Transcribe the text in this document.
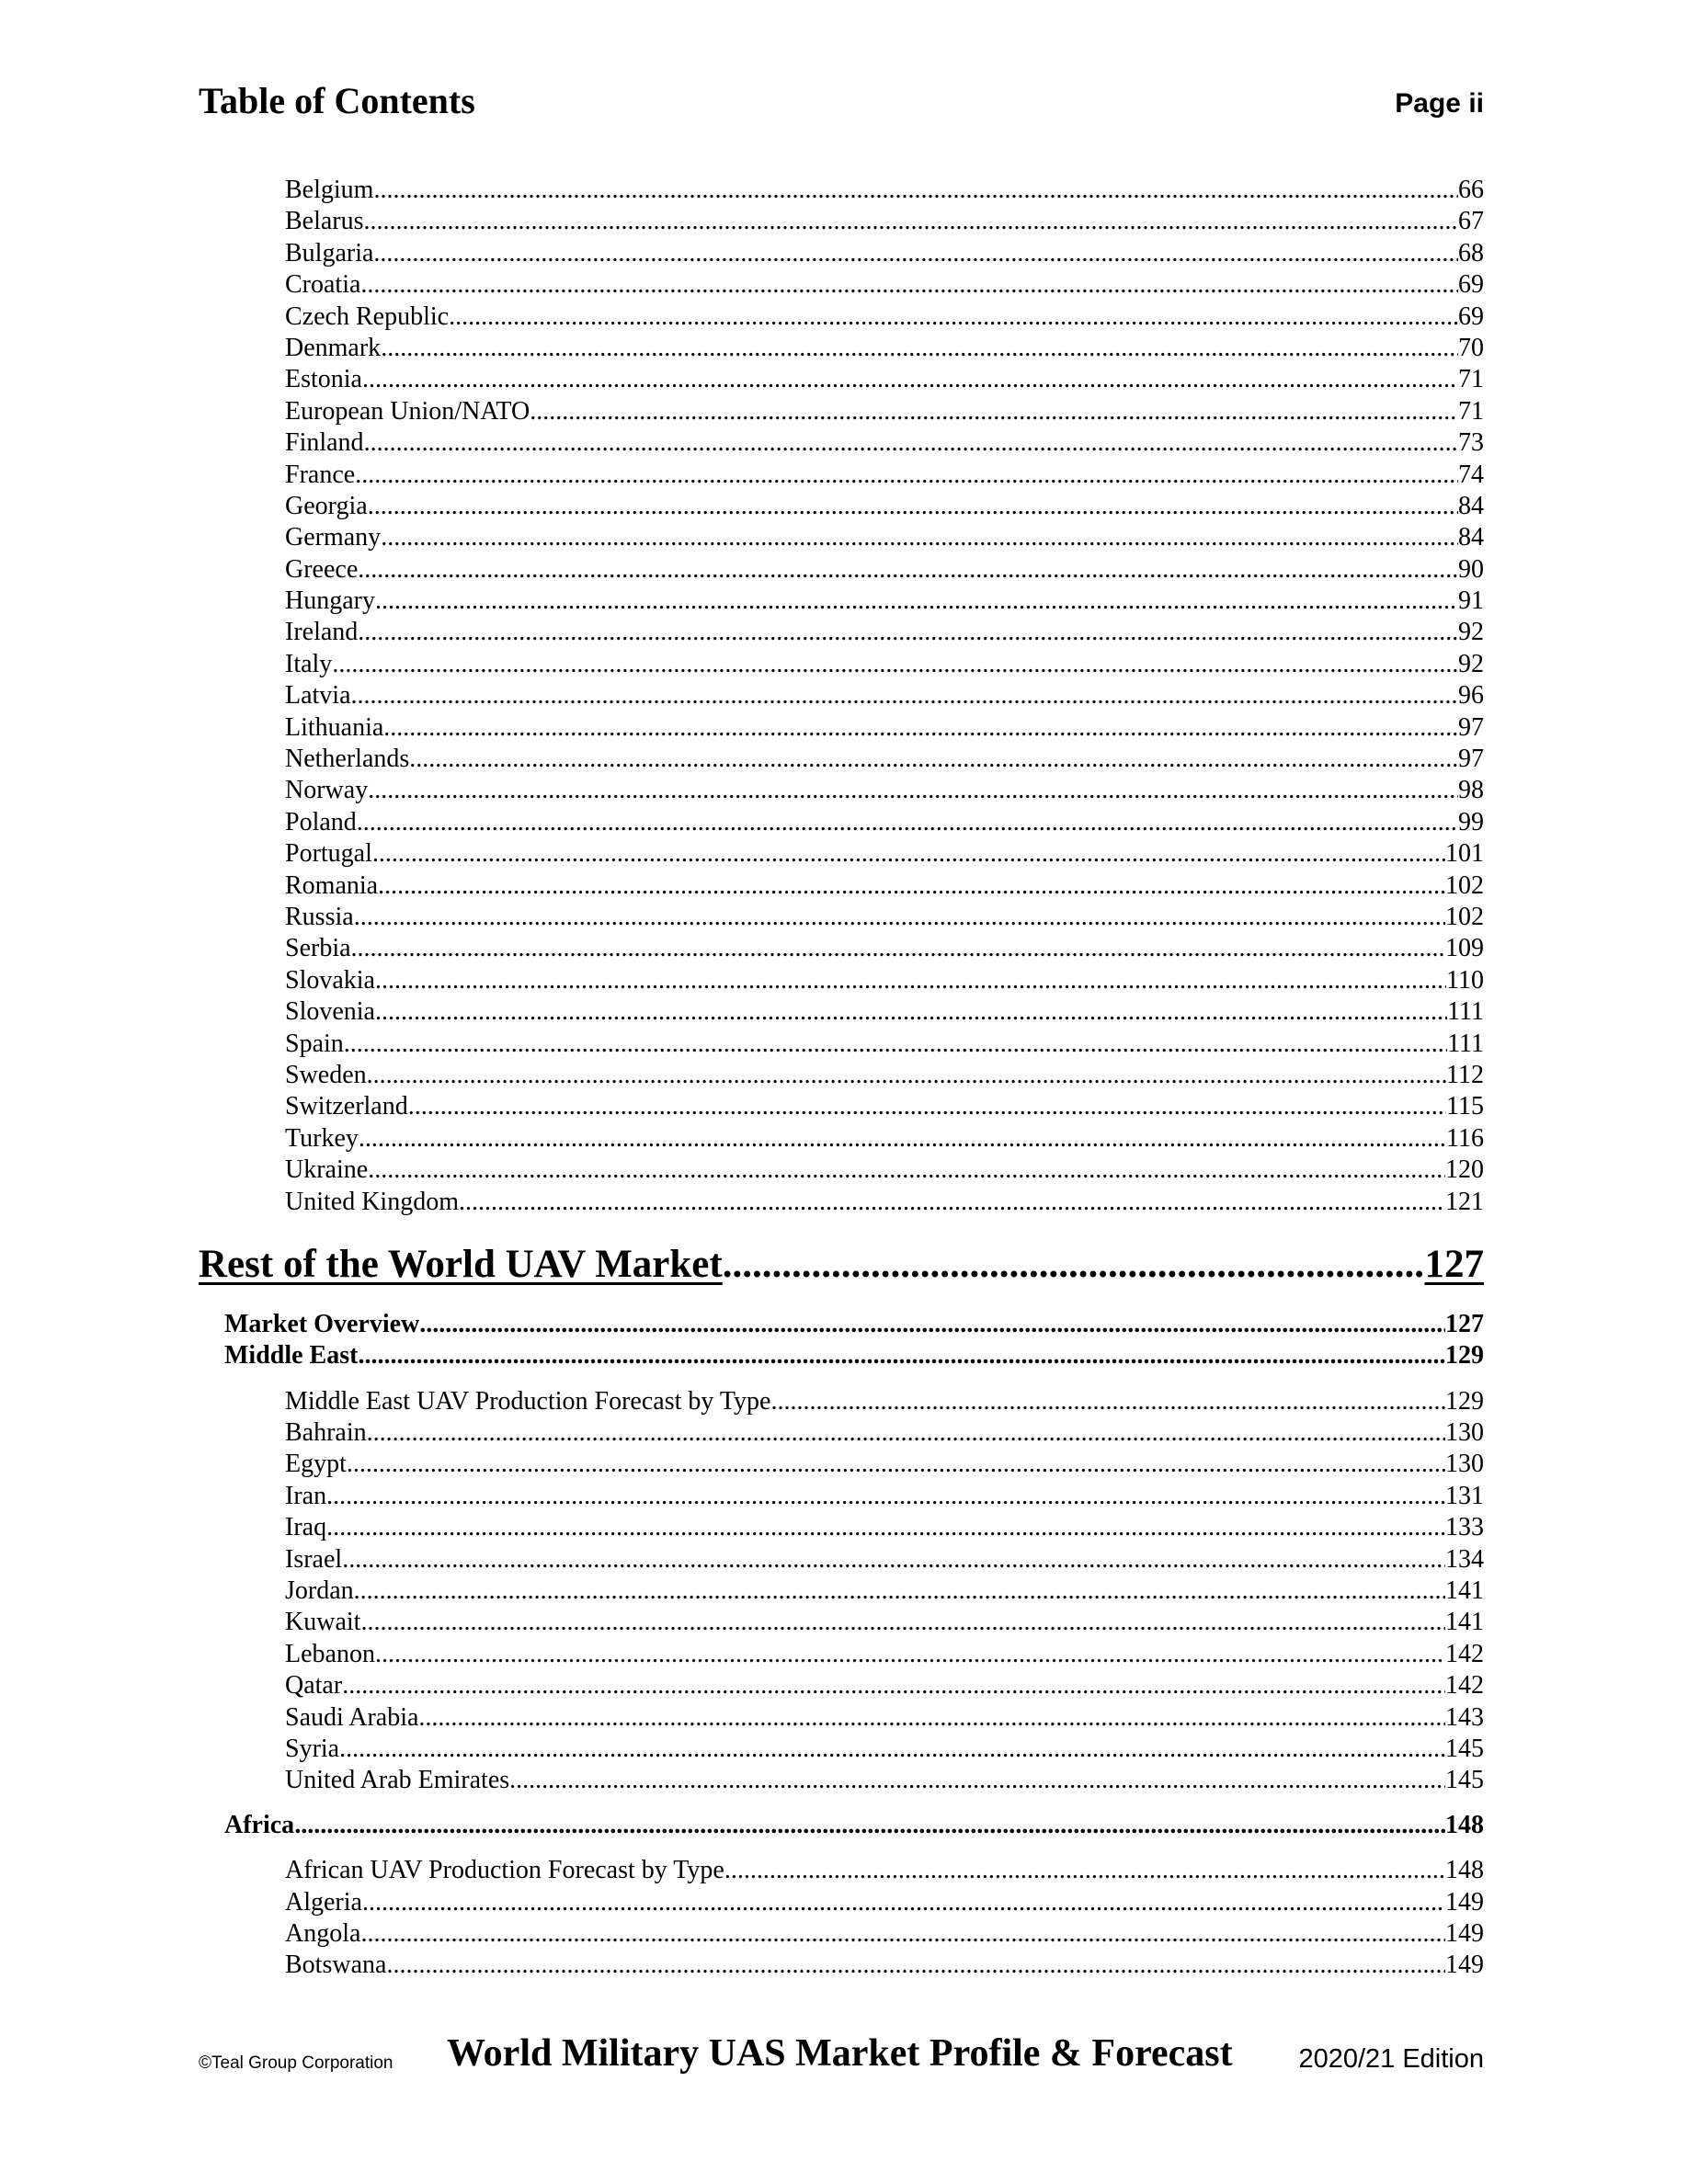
Table of Contents	Page ii
Belgium .....	66
Belarus .....	67
Bulgaria .....	68
Croatia .....	69
Czech Republic .....	69
Denmark .....	70
Estonia .....	71
European Union/NATO .....	71
Finland .....	73
France .....	74
Georgia .....	84
Germany .....	84
Greece .....	90
Hungary .....	91
Ireland .....	92
Italy .....	92
Latvia .....	96
Lithuania .....	97
Netherlands .....	97
Norway .....	98
Poland .....	99
Portugal .....	101
Romania .....	102
Russia .....	102
Serbia .....	109
Slovakia .....	110
Slovenia .....	111
Spain .....	111
Sweden .....	112
Switzerland .....	115
Turkey .....	116
Ukraine .....	120
United Kingdom .....	121
Rest of the World UAV Market .....	127
Market Overview .....	127
Middle East .....	129
Middle East UAV Production Forecast by Type .....	129
Bahrain .....	130
Egypt .....	130
Iran .....	131
Iraq .....	133
Israel .....	134
Jordan .....	141
Kuwait .....	141
Lebanon .....	142
Qatar .....	142
Saudi Arabia .....	143
Syria .....	145
United Arab Emirates .....	145
Africa .....	148
African UAV Production Forecast by Type .....	148
Algeria .....	149
Angola .....	149
Botswana .....	149
©Teal Group Corporation World Military UAS Market Profile & Forecast 2020/21 Edition
